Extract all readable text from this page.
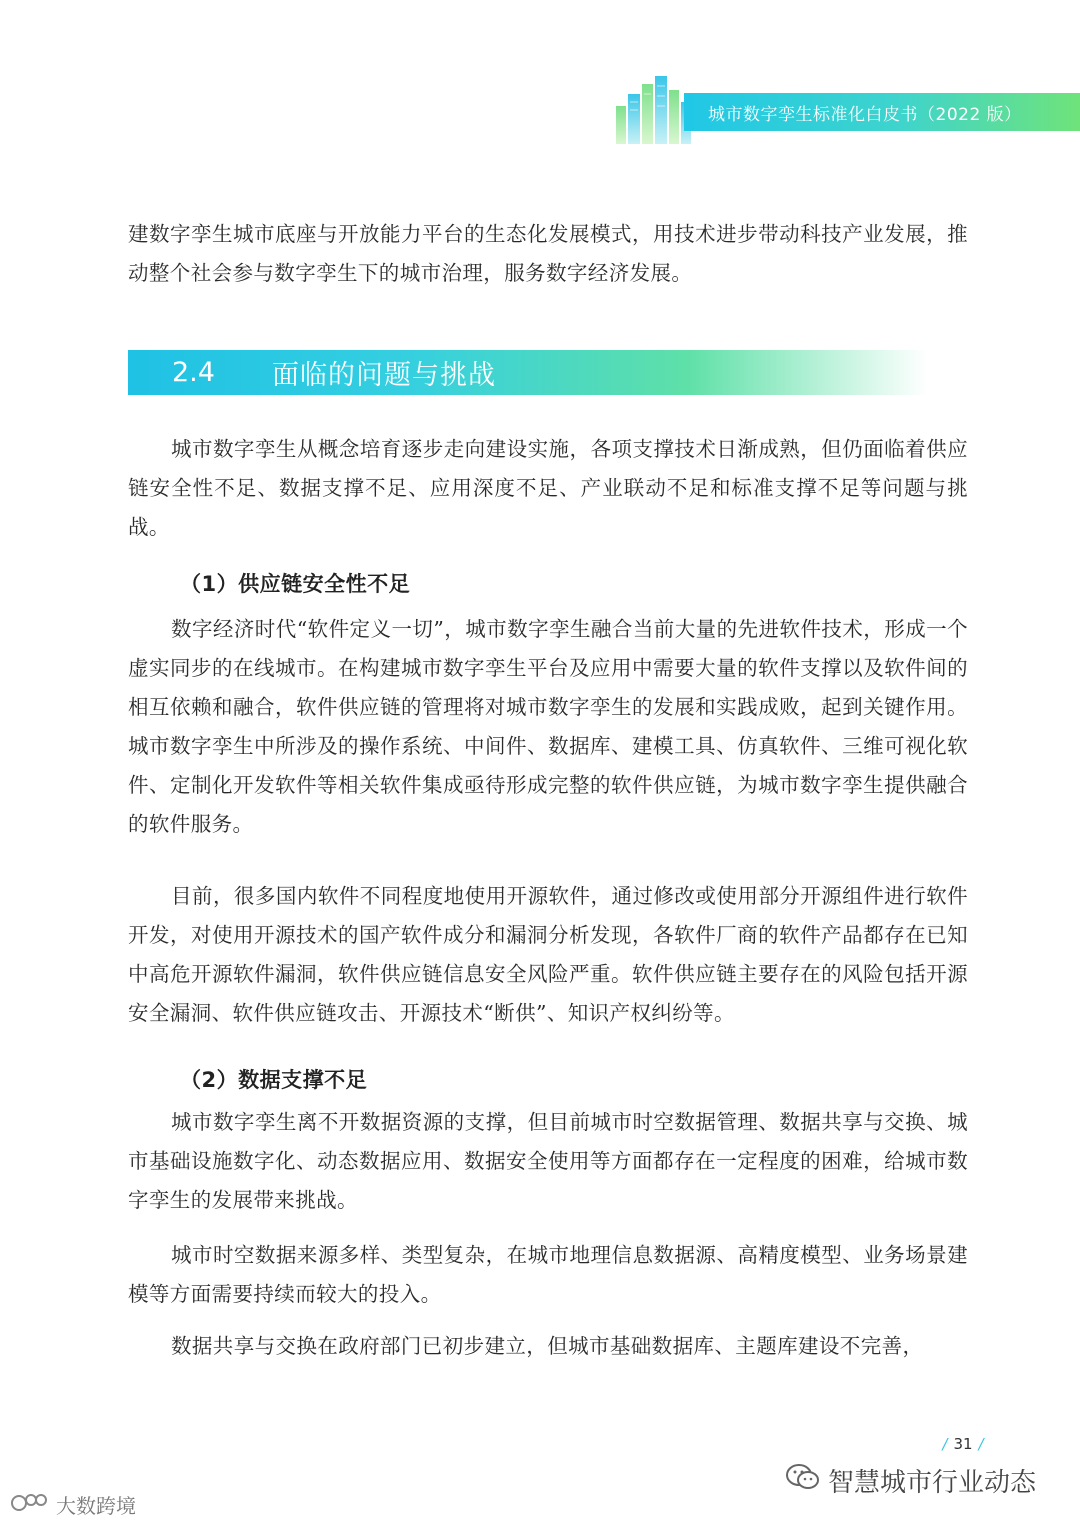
城市数字孪生标准化白皮书（2022 版）

建数字孪生城市底座与开放能力平台的生态化发展模式，用技术进步带动科技产业发展，推动整个社会参与数字孪生下的城市治理，服务数字经济发展。

2.4	面临的问题与挑战

城市数字孪生从概念培育逐步走向建设实施，各项支撑技术日渐成熟，但仍面临着供应链安全性不足、数据支撑不足、应用深度不足、产业联动不足和标准支撑不足等问题与挑战。

（1）供应链安全性不足

数字经济时代“软件定义一切”，城市数字孪生融合当前大量的先进软件技术，形成一个虚实同步的在线城市。在构建城市数字孪生平台及应用中需要大量的软件支撑以及软件间的相互依赖和融合，软件供应链的管理将对城市数字孪生的发展和实践成败，起到关键作用。城市数字孪生中所涉及的操作系统、中间件、数据库、建模工具、仿真软件、三维可视化软件、定制化开发软件等相关软件集成亟待形成完整的软件供应链，为城市数字孪生提供融合的软件服务。

目前，很多国内软件不同程度地使用开源软件，通过修改或使用部分开源组件进行软件开发，对使用开源技术的国产软件成分和漏洞分析发现，各软件厂商的软件产品都存在已知中高危开源软件漏洞，软件供应链信息安全风险严重。软件供应链主要存在的风险包括开源安全漏洞、软件供应链攻击、开源技术“断供”、知识产权纠纷等。

（2）数据支撑不足

城市数字孪生离不开数据资源的支撑，但目前城市时空数据管理、数据共享与交换、城市基础设施数字化、动态数据应用、数据安全使用等方面都存在一定程度的困难，给城市数字孪生的发展带来挑战。

城市时空数据来源多样、类型复杂，在城市地理信息数据源、高精度模型、业务场景建模等方面需要持续而较大的投入。

数据共享与交换在政府部门已初步建立，但城市基础数据库、主题库建设不完善，

/ 31 /
智慧城市行业动态
大数跨境
